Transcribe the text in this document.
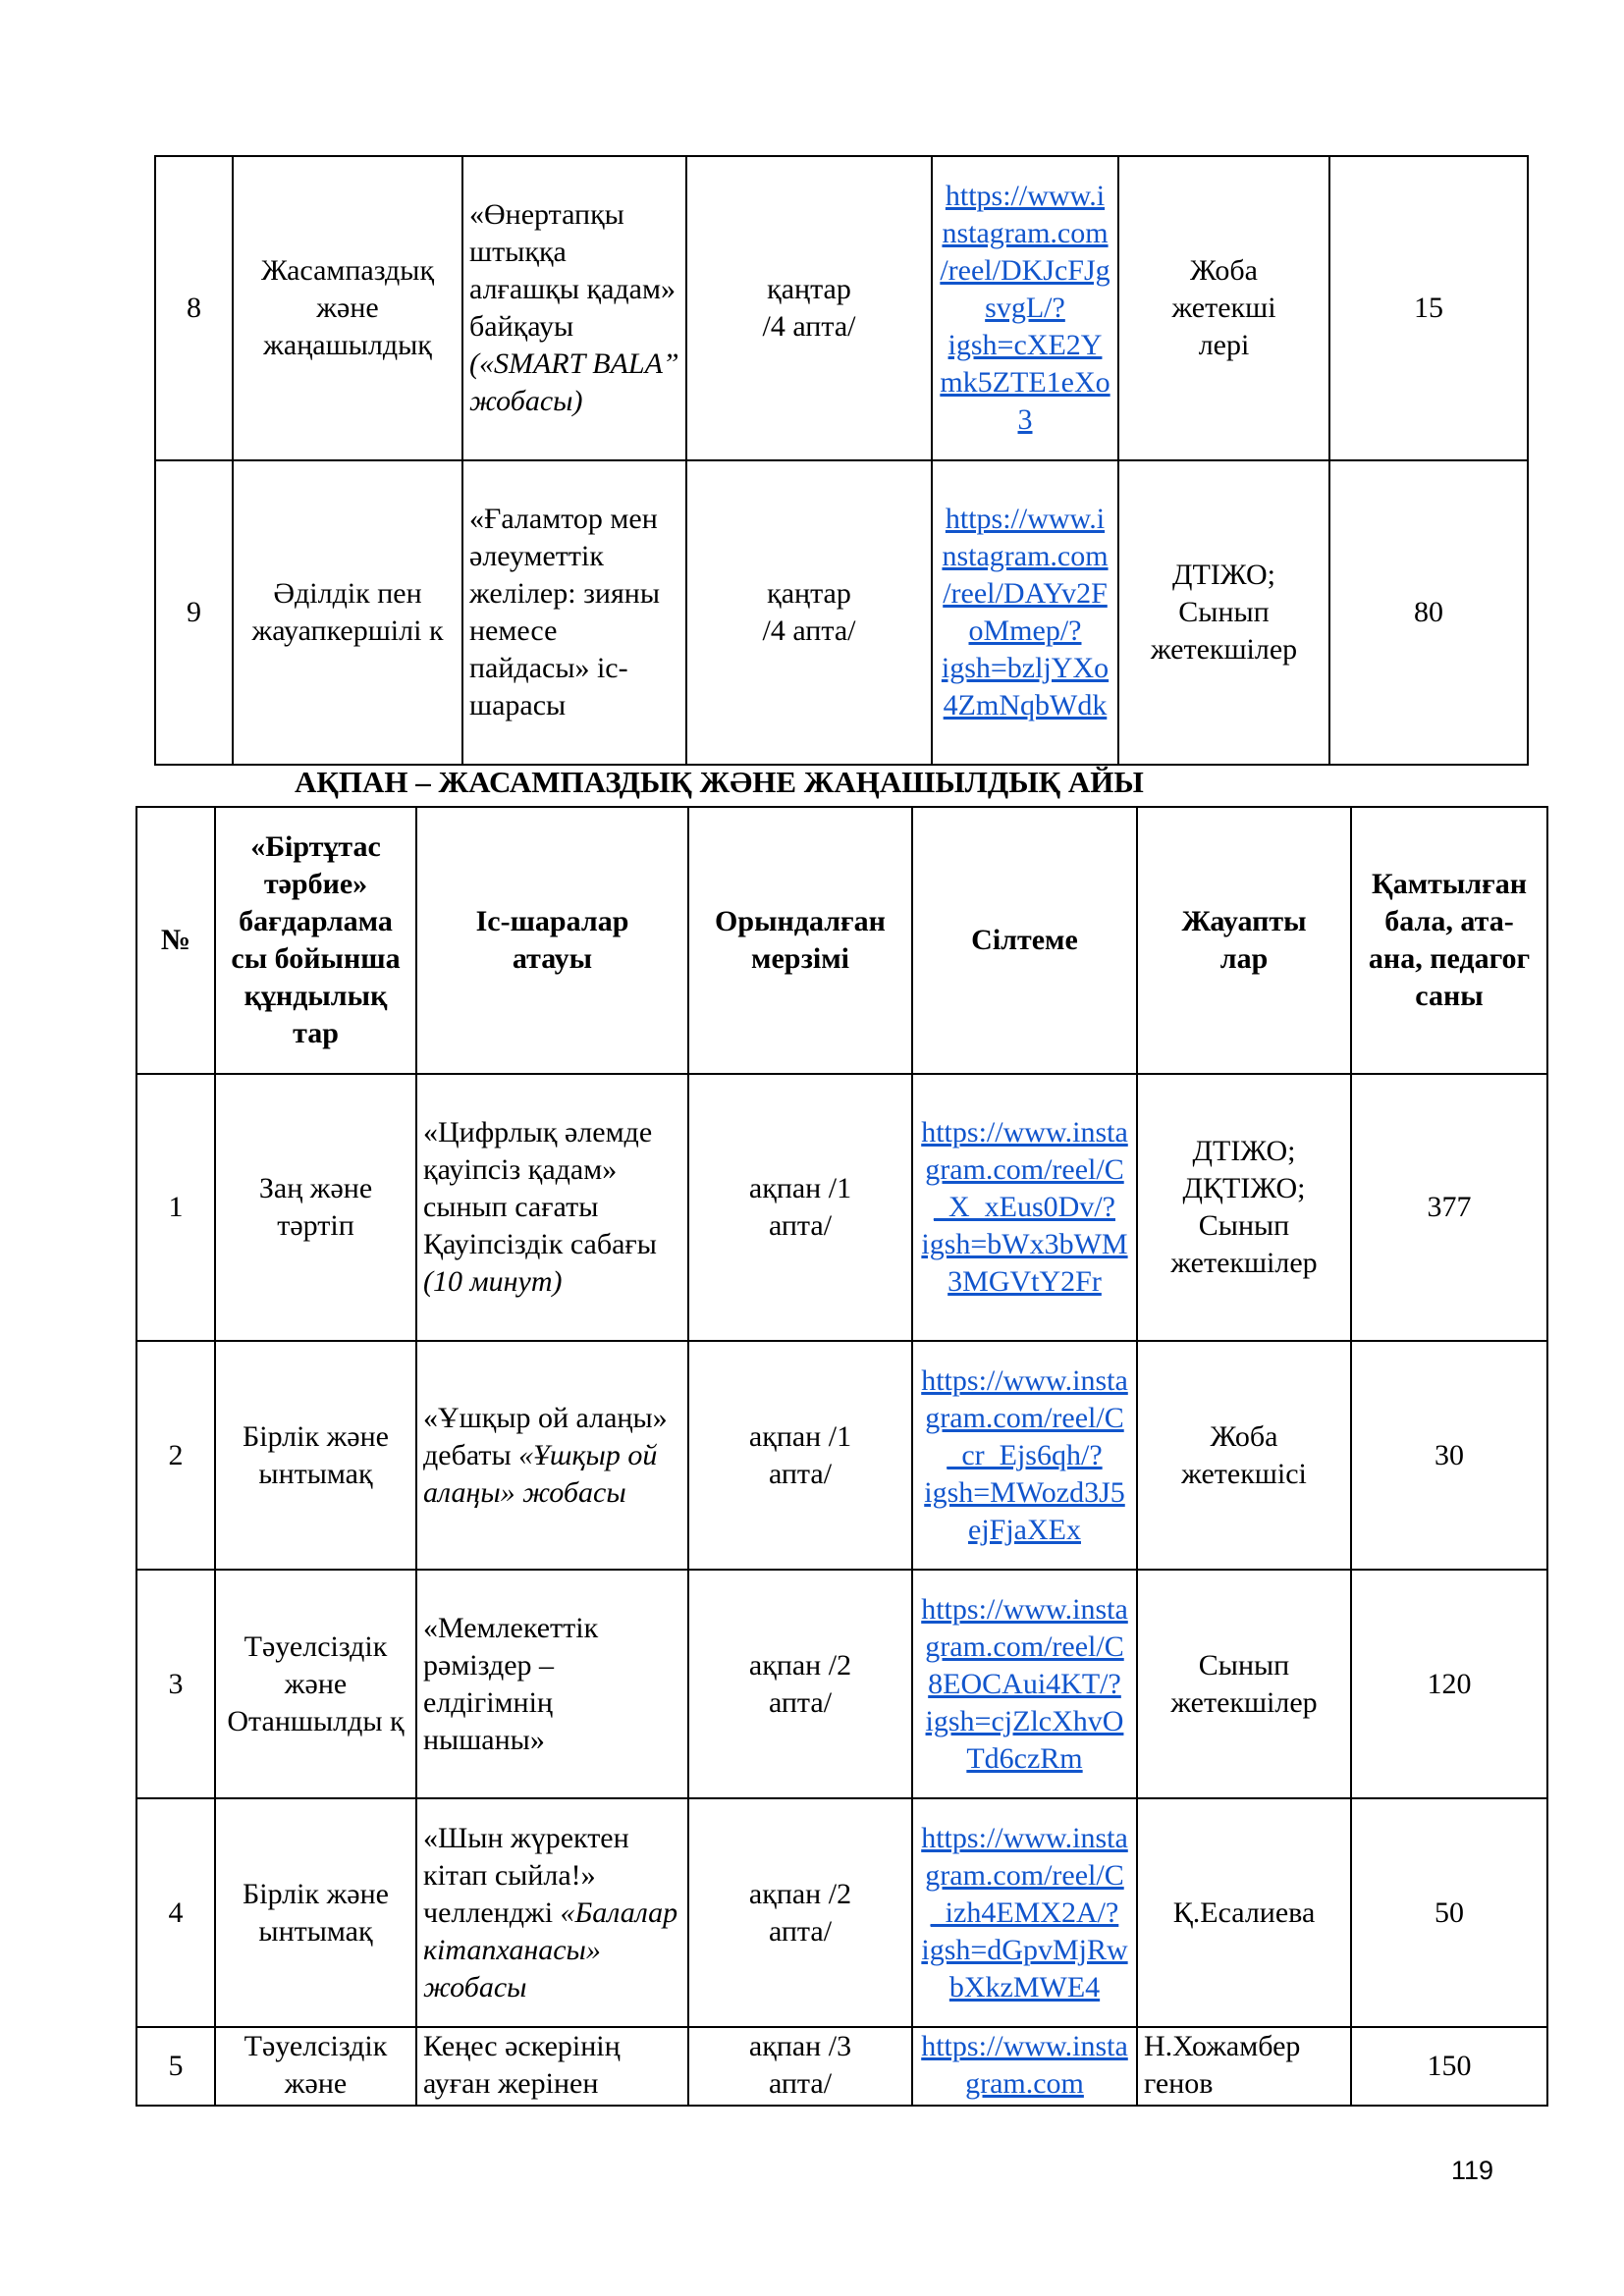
8	Жасампаздық және жаңашылдық	«Өнертапқы штыққа алғашқы қадам» байқауы («SMART BALA” жобасы)	қаңтар /4 апта/	https://www.instagram.com/reel/DKJcFJgsvgL/?igsh=cXE2Ymk5ZTE1eXo3	Жоба жетекші лері	15
9	Әділдік пен жауапкершілі к	«Ғаламтор мен әлеуметтік желілер: зияны немесе пайдасы» іс-шарасы	қаңтар /4 апта/	https://www.instagram.com/reel/DAYv2FoMmep/?igsh=bzljYXo4ZmNqbWdk	ДТІЖО; Сынып жетекшілер	80
АҚПАН – ЖАСАМПАЗДЫҚ ЖӘНЕ ЖАҢАШЫЛДЫҚ АЙЫ
№	«Біртұтас тәрбие» бағдарлама сы бойынша құндылық тар	Іс-шаралар атауы	Орындалған мерзімі	Сілтеме	Жауапты лар	Қамтылған бала, ата-ана, педагог саны
1	Заң және тәртіп	«Цифрлық әлемде қауіпсіз қадам» сынып сағаты Қауіпсіздік сабағы (10 минут)	ақпан /1 апта/	https://www.instagram.com/reel/C_X_xEus0Dv/?igsh=bWx3bWM3MGVtY2Fr	ДТІЖО; ДҚТІЖО; Сынып жетекшілер	377
2	Бірлік және ынтымақ	«Ұшқыр ой алаңы» дебаты «Ұшқыр ой алаңы» жобасы	ақпан /1 апта/	https://www.instagram.com/reel/C_cr_Ejs6qh/?igsh=MWozd3J5ejFjaXEx	Жоба жетекшісі	30
3	Тәуелсіздік және Отаншылды қ	«Мемлекеттік рәміздер – елдігімнің нышаны»	ақпан /2 апта/	https://www.instagram.com/reel/C8EOCAui4KT/?igsh=cjZlcXhvOTd6czRm	Сынып жетекшілер	120
4	Бірлік және ынтымақ	«Шын жүректен кітап сыйла!» челленджі «Балалар кітапханасы» жобасы	ақпан /2 апта/	https://www.instagram.com/reel/C_izh4EMX2A/?igsh=dGpvMjRwbXkzMWE4	Қ.Есалиева	50
5	Тәуелсіздік және	Кеңес әскерінің ауған жерінен	ақпан /3 апта/	https://www.instagram.com	Н.Хожамбер генов	150
119
